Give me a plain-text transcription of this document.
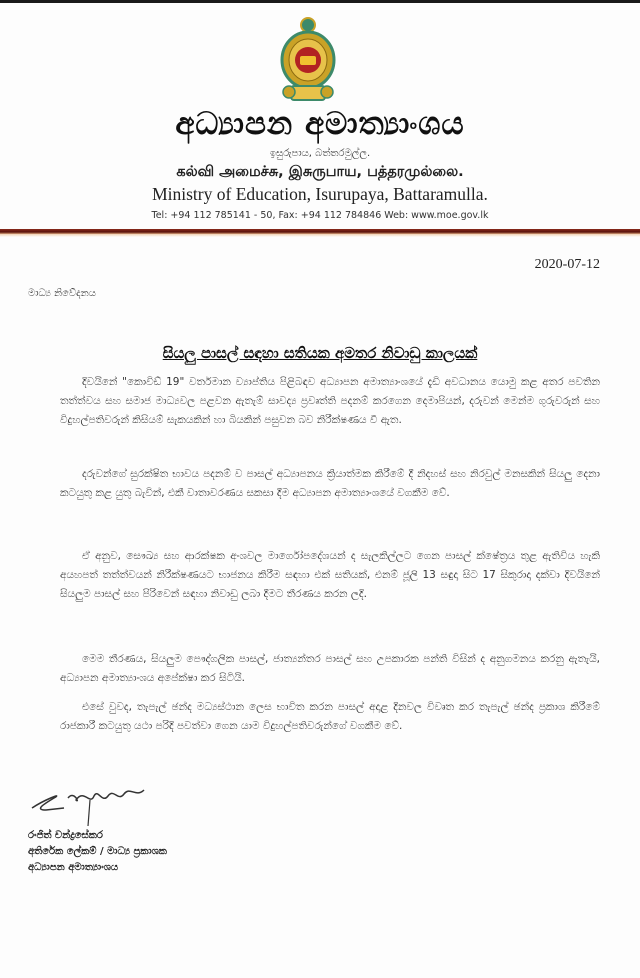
අධ්‍යාපන අමාත්‍යාංශය
ඉසුරුපාය, බත්තරමුල්ල.
கல்வி அமைச்சு, இசுருபாய, பத்தரமுல்லை.
Ministry of Education, Isurupaya, Battaramulla.
Tel: +94 112 785141 - 50, Fax: +94 112 784846 Web: www.moe.gov.lk
2020-07-12
මාධ්‍ය නිවේදනය
සියලු පාසල් සඳහා සතියක අමතර නිවාඩු කාලයක්
දිවයිනේ "කොවිඩ් 19" වර්තමාන ව්‍යාප්තිය පිළිබඳව අධ්‍යාපන අමාත්‍යාංශයේ දැඩි අවධානය යොමු කළ අතර පවතින තත්ත්වය සහ සමාජ මාධ්‍යවල පළවන ඇතැම් සාවද්‍ය ප්‍රවෘත්ති පදනම් කරගෙන දෙමාපියන්, දරුවන් මෙන්ම ගුරුවරුන් සහ විදුහල්පතිවරුන් කිසියම් සැකයකින් හා බියකින් පසුවන බව නිරීක්ෂණය වී ඇත.
දරුවන්ගේ සුරක්ෂිත භාවය පදනම් ව පාසල් අධ්‍යාපනය ක්‍රියාත්මක කිරීමේ දී නිදහස් සහ නිරවුල් මනසකින් සියලු දෙනා කටයුතු කළ යුතු බැවින්, එකී වාතාවරණය සකසා දීම අධ්‍යාපන අමාත්‍යාංශයේ වගකීම වේ.
ඒ අනුව, සෞඛ්‍ය සහ ආරක්ෂක අංශවල මාර්ගෝපදේශයන් ද සැලකිල්ලට ගෙන පාසල් ක්ෂේත්‍රය තුළ ඇතිවිය හැකි අයහපත් තත්ත්වයන් නිරීක්ෂණයට භාජනය කිරීම සඳහා එක් සතියක්, එනම් ජූලි 13 සඳුදා සිට 17 සිකුරාදා දක්වා දිවයිනේ සියලුම පාසල් සහ පිරිවෙන් සඳහා නිවාඩු ලබා දීමට තීරණය කරන ලදි.
මෙම තීරණය, සියලුම පෞද්ගලික පාසල්, ජාත්‍යන්තර පාසල් සහ උපකාරක පන්ති විසින් ද අනුගමනය කරනු ඇතැයි, අධ්‍යාපන අමාත්‍යාංශය අපේක්ෂා කර සිටියි.
එසේ වුවද, තැපැල් ඡන්ද මධ්‍යස්ථාන ලෙස භාවිත කරන පාසල් අදාළ දිනවල විවෘත කර තැපැල් ඡන්ද ප්‍රකාශ කිරීමේ රාජකාරී කටයුතු යථා පරිදි පවත්වා ගෙන යාම විදුහල්පතිවරුන්ගේ වගකීම වේ.
රංජිත් චන්ද්‍රසේකර
අතිරේක ලේකම් / මාධ්‍ය ප්‍රකාශක
අධ්‍යාපන අමාත්‍යාංශය
